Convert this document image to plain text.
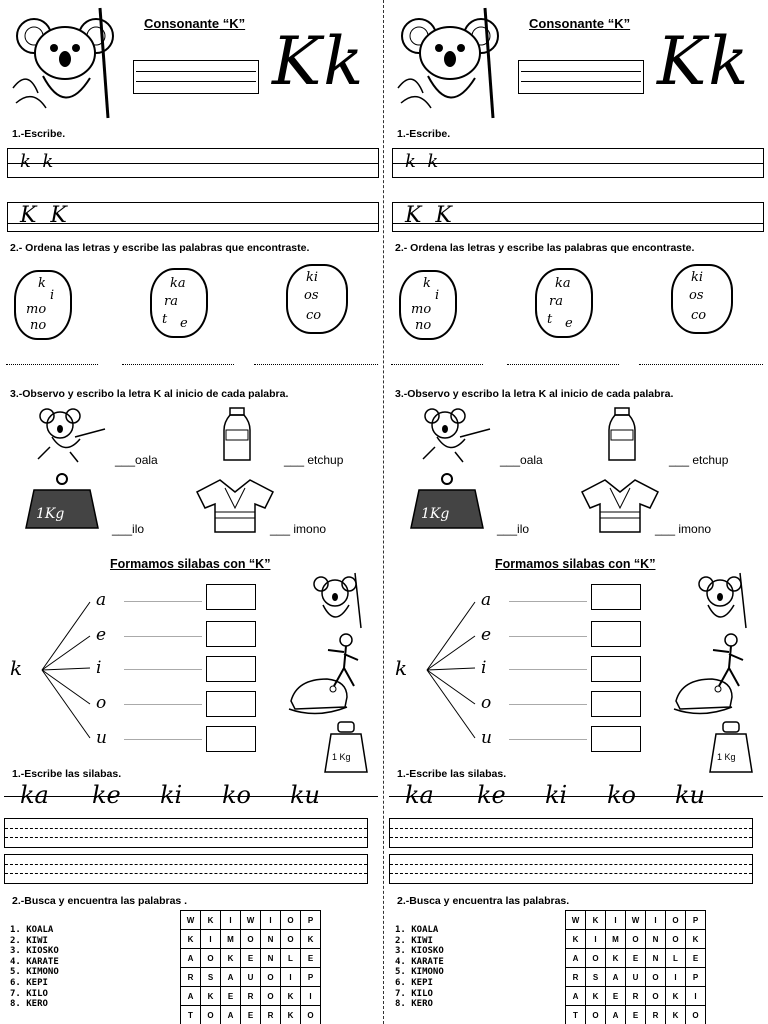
Consonante “K” Kk
1.-Escribe.
k  k
K  K
2.- Ordena las letras y escribe las palabras que encontraste.
k
i
mo
no
ka
ra
t e
ki
os
co
3.-Observo y escribo la letra K al inicio de cada palabra.
___oala	___ etchup
1Kg
___ilo	___ imono
Formamos silabas con “K”
k
a
e
i
o
u
1 Kg
1.-Escribe las silabas.
ka ke ki ko ku
2.-Busca y encuentra las palabras .
1. KOALA
2. KIWI
3. KIOSKO
4. KARATE
5. KIMONO
6. KEPI
7. KILO
8. KERO
W	K	I	W	I	O	P
K	I	M	O	N	O	K
A	O	K	E	N	L	E
R	S	A	U	O	I	P
A	K	E	R	O	K	I
T	O	A	E	R	K	O
Consonante “K” Kk
1.-Escribe.
k  k
K  K
2.- Ordena las letras y escribe las palabras que encontraste.
k
i
mo
no
ka
ra
t e
ki
os
co
3.-Observo y escribo la letra K al inicio de cada palabra.
___oala	___ etchup
1Kg
___ilo	___ imono
Formamos silabas con “K”
k
a
e
i
o
u
1 Kg
1.-Escribe las silabas.
ka ke ki ko ku
2.-Busca y encuentra las palabras.
1. KOALA
2. KIWI
3. KIOSKO
4. KARATE
5. KIMONO
6. KEPI
7. KILO
8. KERO
W	K	I	W	I	O	P
K	I	M	O	N	O	K
A	O	K	E	N	L	E
R	S	A	U	O	I	P
A	K	E	R	O	K	I
T	O	A	E	R	K	O
